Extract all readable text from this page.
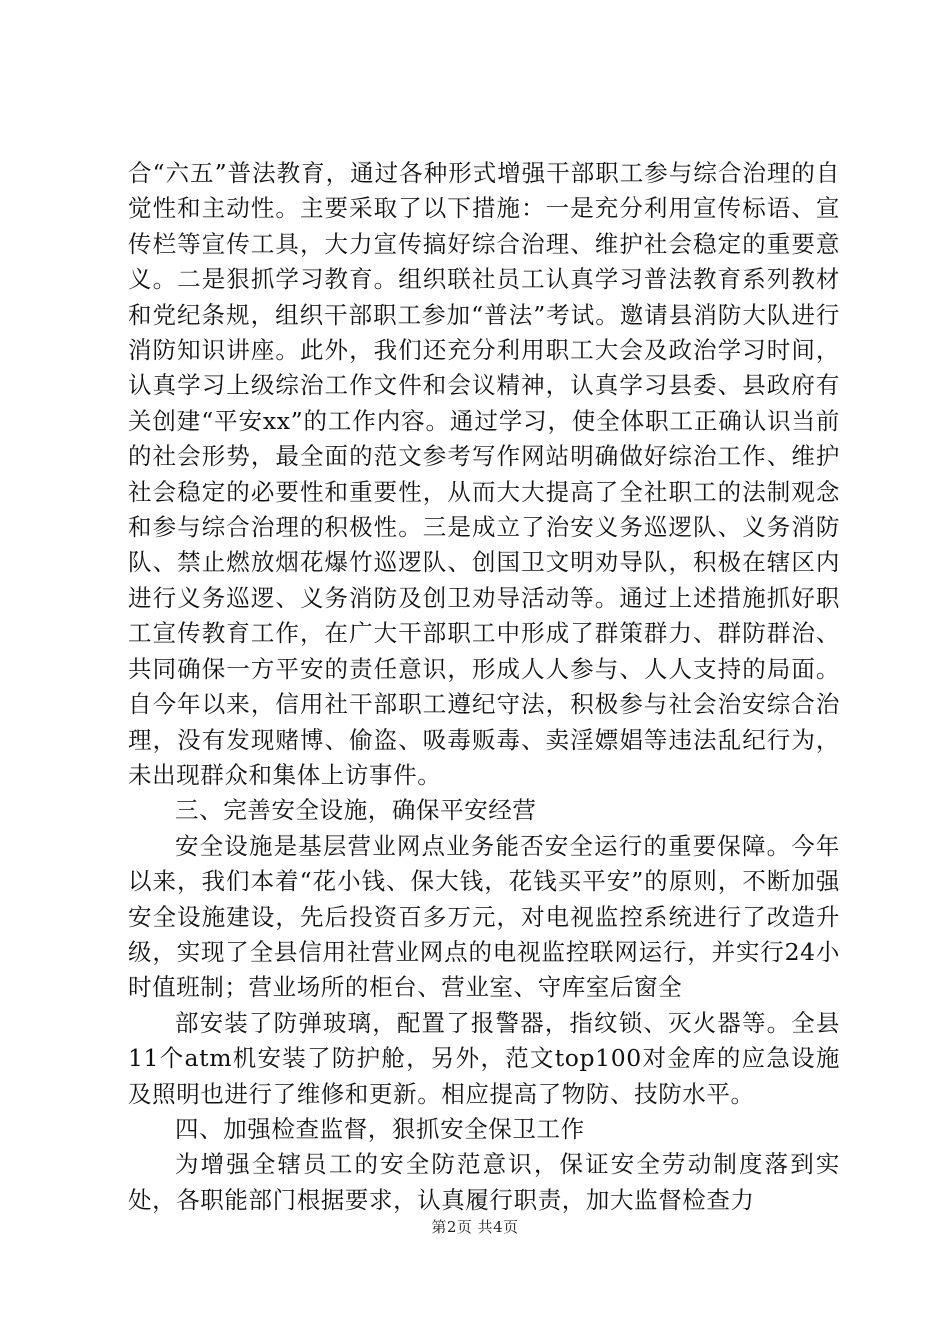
合“六五”普法教育，通过各种形式增强干部职工参与综合治理的自觉性和主动性。主要采取了以下措施：一是充分利用宣传标语、宣传栏等宣传工具，大力宣传搞好综合治理、维护社会稳定的重要意义。二是狠抓学习教育。组织联社员工认真学习普法教育系列教材和党纪条规，组织干部职工参加“普法”考试。邀请县消防大队进行消防知识讲座。此外，我们还充分利用职工大会及政治学习时间，认真学习上级综治工作文件和会议精神，认真学习县委、县政府有关创建“平安xx”的工作内容。通过学习，使全体职工正确认识当前的社会形势，最全面的范文参考写作网站明确做好综治工作、维护社会稳定的必要性和重要性，从而大大提高了全社职工的法制观念和参与综合治理的积极性。三是成立了治安义务巡逻队、义务消防队、禁止燃放烟花爆竹巡逻队、创国卫文明劝导队，积极在辖区内进行义务巡逻、义务消防及创卫劝导活动等。通过上述措施抓好职工宣传教育工作，在广大干部职工中形成了群策群力、群防群治、共同确保一方平安的责任意识，形成人人参与、人人支持的局面。自今年以来，信用社干部职工遵纪守法，积极参与社会治安综合治理，没有发现赌博、偷盗、吸毒贩毒、卖淫嫖娼等违法乱纪行为，未出现群众和集体上访事件。

三、完善安全设施，确保平安经营

安全设施是基层营业网点业务能否安全运行的重要保障。今年以来，我们本着“花小钱、保大钱，花钱买平安”的原则，不断加强安全设施建设，先后投资百多万元，对电视监控系统进行了改造升级，实现了全县信用社营业网点的电视监控联网运行，并实行24小时值班制；营业场所的柜台、营业室、守库室后窗全

部安装了防弹玻璃，配置了报警器，指纹锁、灭火器等。全县11个atm机安装了防护舱，另外，范文top100对金库的应急设施及照明也进行了维修和更新。相应提高了物防、技防水平。

四、加强检查监督，狠抓安全保卫工作

为增强全辖员工的安全防范意识，保证安全劳动制度落到实处，各职能部门根据要求，认真履行职责，加大监督检查力

第2页 共4页
